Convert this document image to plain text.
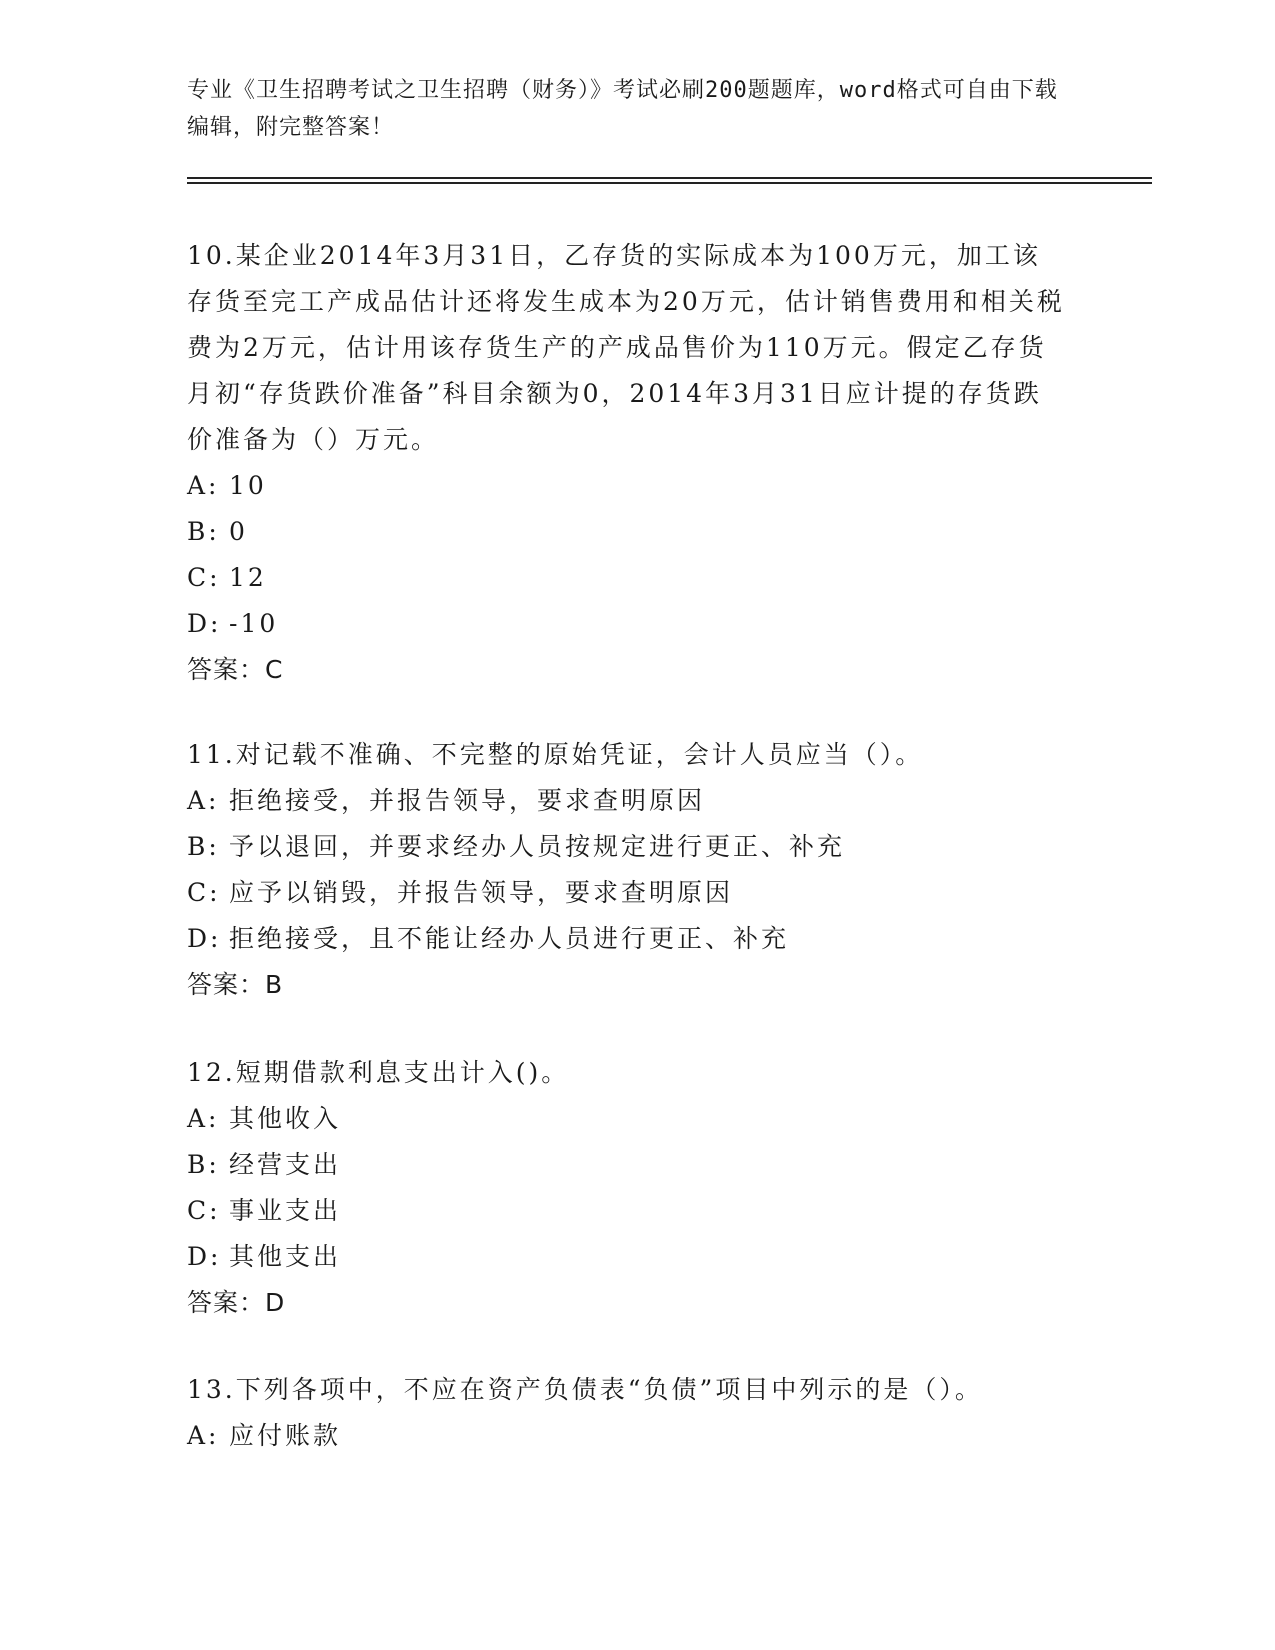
专业《卫生招聘考试之卫生招聘（财务）》考试必刷200题题库，word格式可自由下载编辑，附完整答案！

10.某企业2014年3月31日，乙存货的实际成本为100万元，加工该存货至完工产成品估计还将发生成本为20万元，估计销售费用和相关税费为2万元，估计用该存货生产的产成品售价为110万元。假定乙存货月初“存货跌价准备”科目余额为0，2014年3月31日应计提的存货跌价准备为（）万元。

A: 10

B: 0

C: 12

D: -10

答案：C

11.对记载不准确、不完整的原始凭证，会计人员应当（）。

A: 拒绝接受，并报告领导，要求查明原因

B: 予以退回，并要求经办人员按规定进行更正、补充

C: 应予以销毁，并报告领导，要求查明原因

D: 拒绝接受，且不能让经办人员进行更正、补充

答案：B

12.短期借款利息支出计入()。

A: 其他收入

B: 经营支出

C: 事业支出

D: 其他支出

答案：D

13.下列各项中，不应在资产负债表“负债”项目中列示的是（）。

A: 应付账款
